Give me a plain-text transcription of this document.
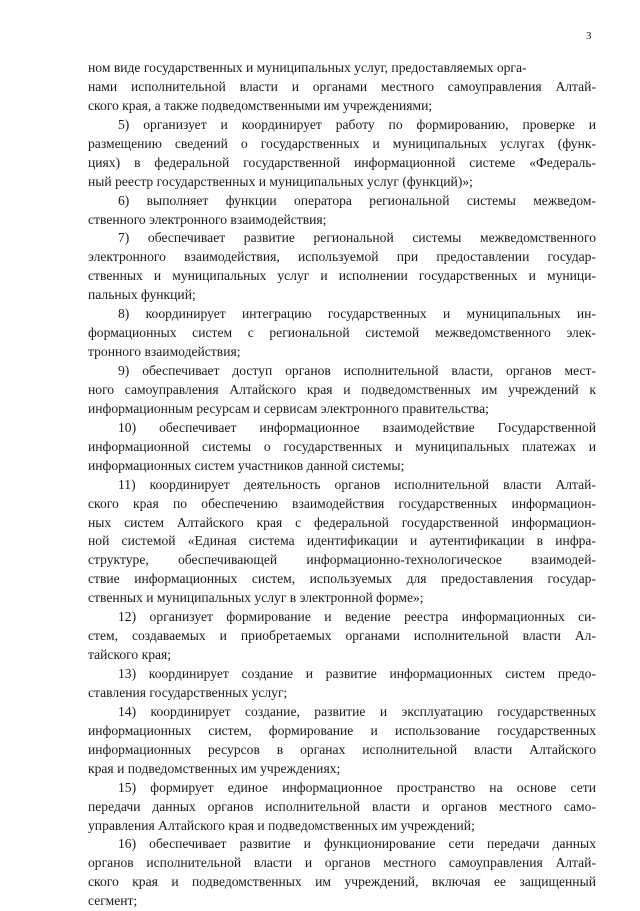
3
ном виде государственных и муниципальных услуг, предоставляемых орга-
нами исполнительной власти и органами местного самоуправления Алтай-
ского края, а также подведомственными им учреждениями;
5) организует и координирует работу по формированию, проверке и
размещению сведений о государственных и муниципальных услугах (функ-
циях) в федеральной государственной информационной системе «Федераль-
ный реестр государственных и муниципальных услуг (функций)»;
6) выполняет функции оператора региональной системы межведом-
ственного электронного взаимодействия;
7) обеспечивает развитие региональной системы межведомственного
электронного взаимодействия, используемой при предоставлении государ-
ственных и муниципальных услуг и исполнении государственных и муници-
пальных функций;
8) координирует интеграцию государственных и муниципальных ин-
формационных систем с региональной системой межведомственного элек-
тронного взаимодействия;
9) обеспечивает доступ органов исполнительной власти, органов мест-
ного самоуправления Алтайского края и подведомственных им учреждений к
информационным ресурсам и сервисам электронного правительства;
10) обеспечивает информационное взаимодействие Государственной
информационной системы о государственных и муниципальных платежах и
информационных систем участников данной системы;
11) координирует деятельность органов исполнительной власти Алтай-
ского края по обеспечению взаимодействия государственных информацион-
ных систем Алтайского края с федеральной государственной информацион-
ной системой «Единая система идентификации и аутентификации в инфра-
структуре, обеспечивающей информационно-технологическое взаимодей-
ствие информационных систем, используемых для предоставления государ-
ственных и муниципальных услуг в электронной форме»;
12) организует формирование и ведение реестра информационных си-
стем, создаваемых и приобретаемых органами исполнительной власти Ал-
тайского края;
13) координирует создание и развитие информационных систем предо-
ставления государственных услуг;
14) координирует создание, развитие и эксплуатацию государственных
информационных систем, формирование и использование государственных
информационных ресурсов в органах исполнительной власти Алтайского
края и подведомственных им учреждениях;
15) формирует единое информационное пространство на основе сети
передачи данных органов исполнительной власти и органов местного само-
управления Алтайского края и подведомственных им учреждений;
16) обеспечивает развитие и функционирование сети передачи данных
органов исполнительной власти и органов местного самоуправления Алтай-
ского края и подведомственных им учреждений, включая ее защищенный
сегмент;
